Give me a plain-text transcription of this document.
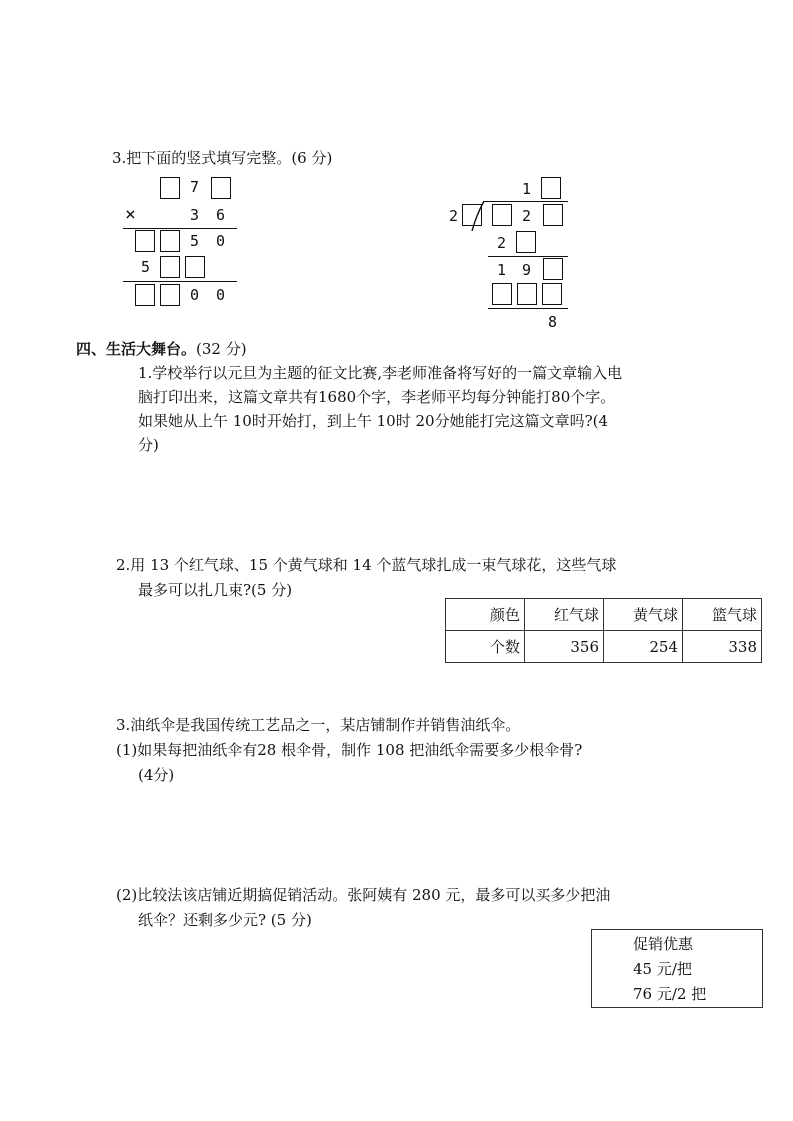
3.把下面的竖式填写完整。(6 分)
7
×	3 6
5 0
5
0 0
1
2	2
2
1 9
8
四、生活大舞台。(32 分)
1.学校举行以元旦为主题的征文比赛,李老师准备将写好的一篇文章输入电
脑打印出来，这篇文章共有1680个字，李老师平均每分钟能打80个字。
如果她从上午 10时开始打，到上午 10时 20分她能打完这篇文章吗?(4
分)
2.用 13 个红气球、15 个黄气球和 14 个蓝气球扎成一束气球花，这些气球
最多可以扎几束?(5 分)
颜色	红气球	黄气球	篮气球
个数	356	254	338
3.油纸伞是我国传统工艺品之一，某店铺制作并销售油纸伞。
(1)如果每把油纸伞有28 根伞骨，制作 108 把油纸伞需要多少根伞骨?
(4分)
(2)比较法该店铺近期搞促销活动。张阿姨有 280 元，最多可以买多少把油
纸伞？还剩多少元? (5 分)
促销优惠
45 元/把
76 元/2 把
